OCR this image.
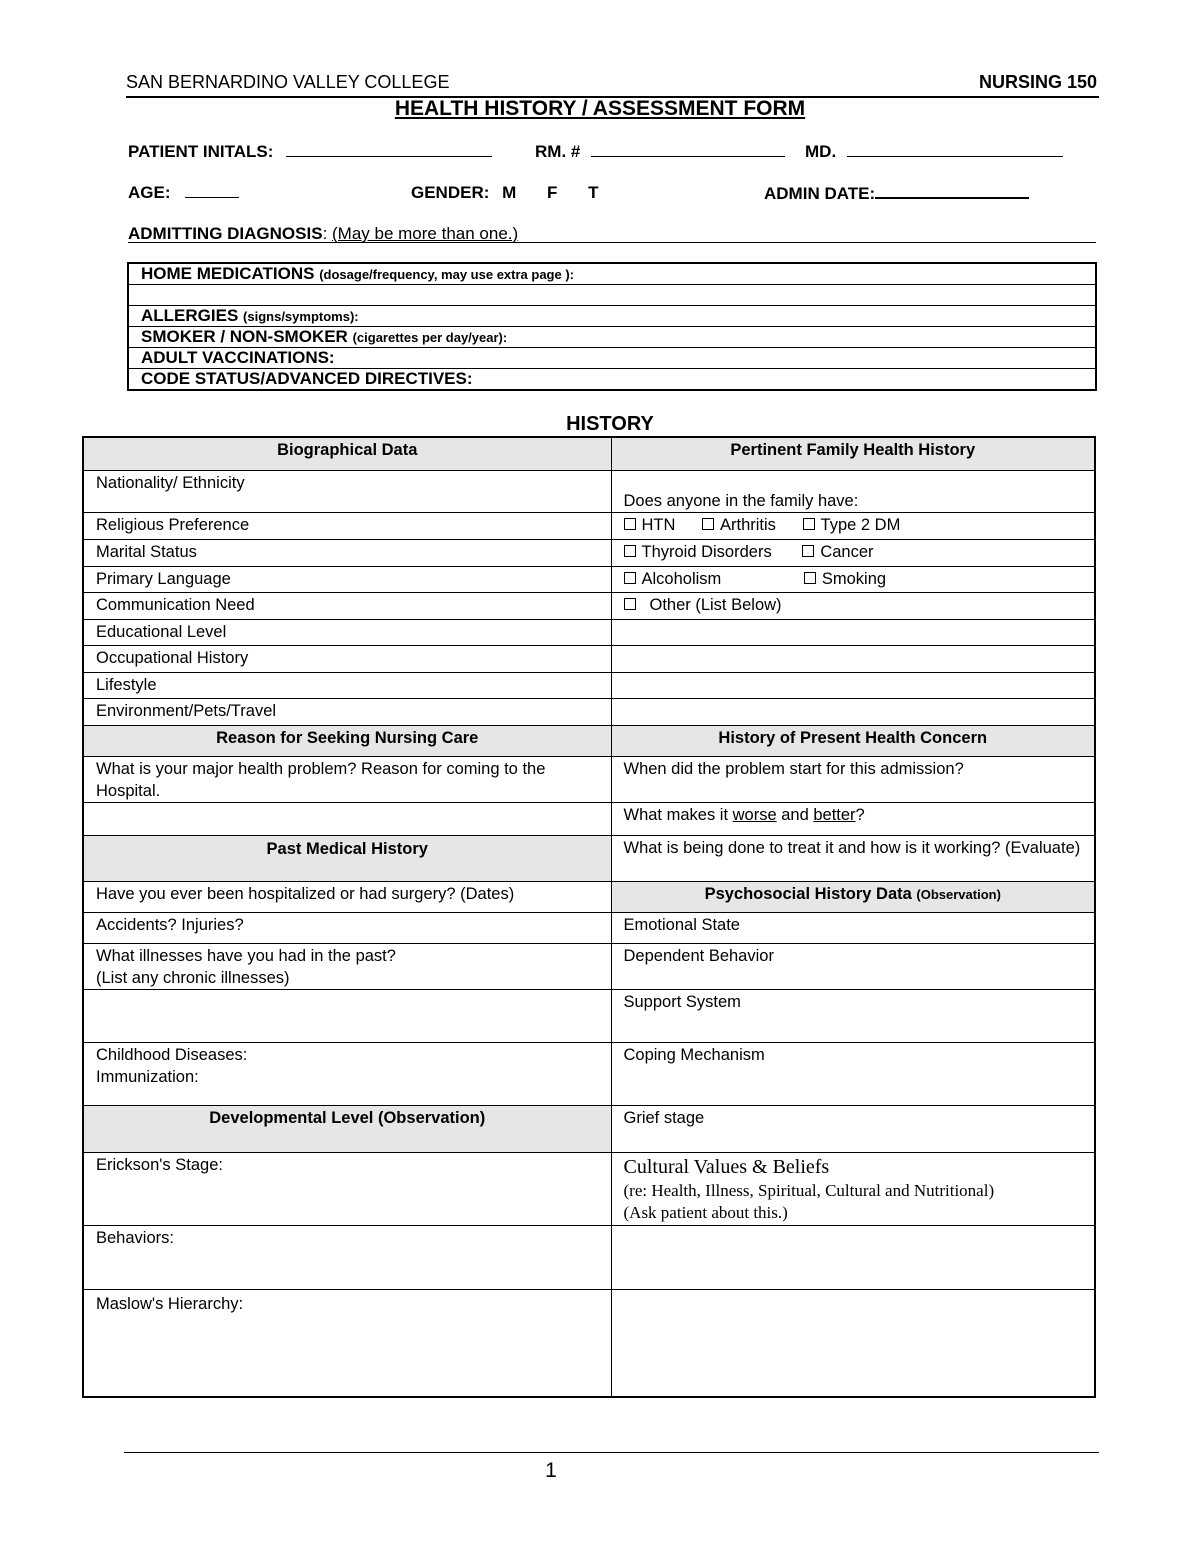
SAN BERNARDINO VALLEY COLLEGE	NURSING 150
HEALTH HISTORY / ASSESSMENT FORM
PATIENT INITALS:	RM. #	MD.
AGE:	GENDER: M F T	ADMIN DATE:
ADMITTING DIAGNOSIS: (May be more than one.)
HOME MEDICATIONS (dosage/frequency, may use extra page ):
ALLERGIES (signs/symptoms):
SMOKER / NON-SMOKER (cigarettes per day/year):
ADULT VACCINATIONS:
CODE STATUS/ADVANCED DIRECTIVES:
HISTORY
Biographical Data	Pertinent Family Health History
Nationality/ Ethnicity	Does anyone in the family have:
Religious Preference	HTN Arthritis Type 2 DM
Marital Status	Thyroid Disorders Cancer
Primary Language	Alcoholism Smoking
Communication Need	Other (List Below)
Educational Level	
Occupational History	
Lifestyle	
Environment/Pets/Travel	
Reason for Seeking Nursing Care	History of Present Health Concern
What is your major health problem? Reason for coming to the Hospital.	When did the problem start for this admission?
	What makes it worse and better?
Past Medical History	What is being done to treat it and how is it working? (Evaluate)
Have you ever been hospitalized or had surgery? (Dates)	Psychosocial History Data (Observation)
Accidents? Injuries?	Emotional State
What illnesses have you had in the past?
(List any chronic illnesses)	Dependent Behavior
	Support System
Childhood Diseases:
Immunization:	Coping Mechanism
Developmental Level (Observation)	Grief stage
Erickson's Stage:	Cultural Values & Beliefs
(re: Health, Illness, Spiritual, Cultural and Nutritional)
(Ask patient about this.)
Behaviors:	
Maslow's Hierarchy:	
1
